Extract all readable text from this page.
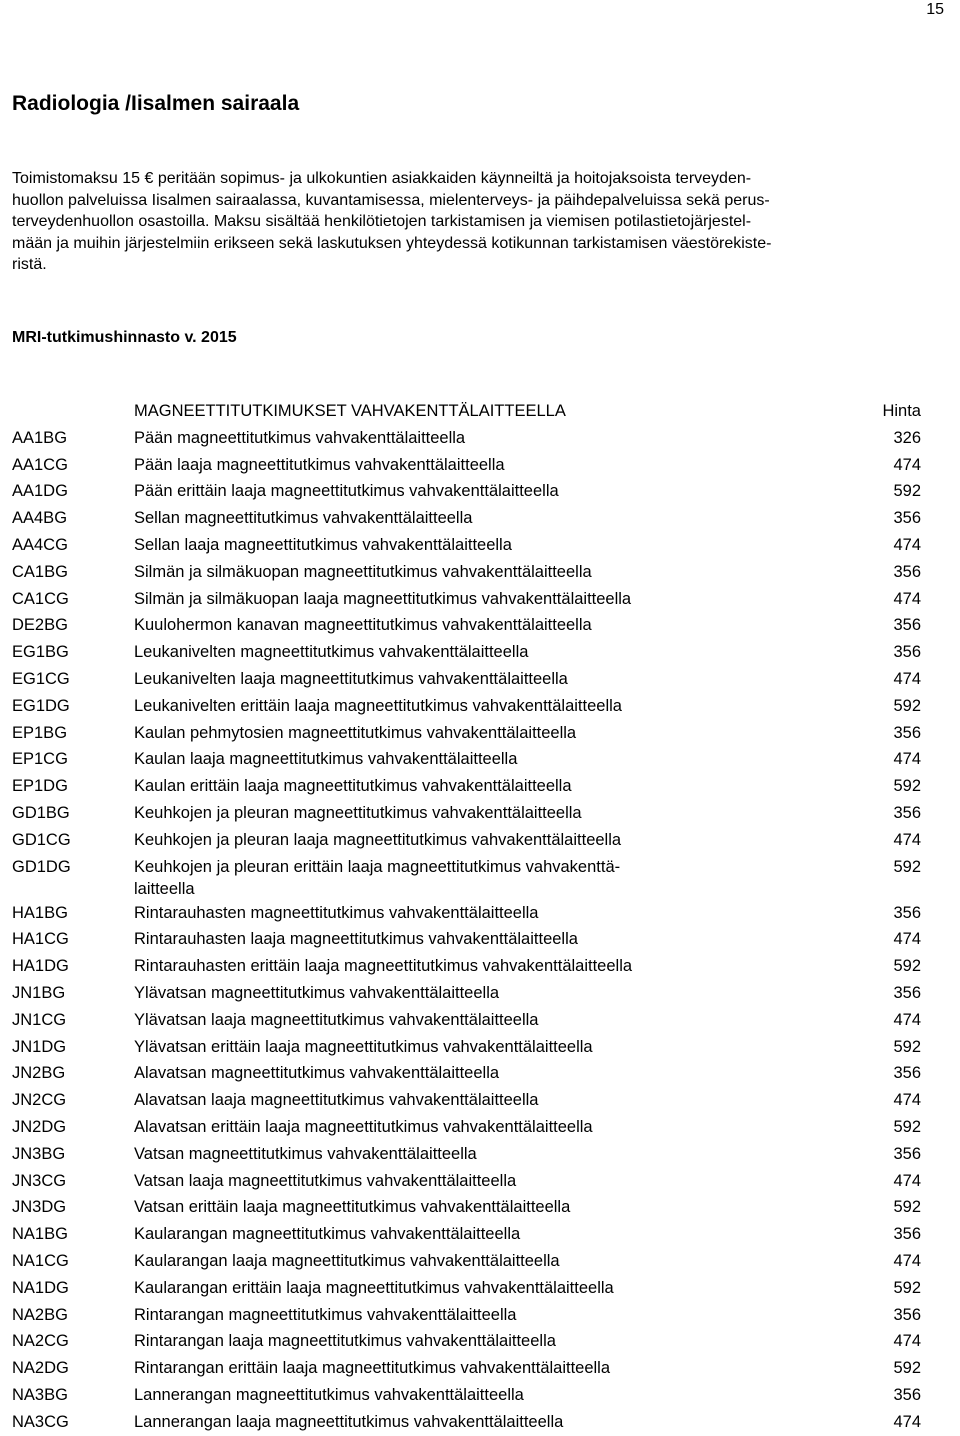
15
Radiologia /Iisalmen sairaala

Toimistomaksu 15 € peritään sopimus- ja ulkokuntien asiakkaiden käynneiltä ja hoitojaksoista terveyden-
huollon palveluissa Iisalmen sairaalassa, kuvantamisessa, mielenterveys- ja päihdepalveluissa sekä perus-
terveydenhuollon osastoilla. Maksu sisältää henkilötietojen tarkistamisen ja viemisen potilastietojärjestel-
mään ja muihin järjestelmiin erikseen sekä laskutuksen yhteydessä kotikunnan tarkistamisen väestörekiste-
ristä.

MRI-tutkimushinnasto v. 2015
	MAGNEETTITUTKIMUKSET VAHVAKENTTÄLAITTEELLA	Hinta
AA1BG	Pään magneettitutkimus vahvakenttälaitteella	326
AA1CG	Pään laaja magneettitutkimus vahvakenttälaitteella	474
AA1DG	Pään erittäin laaja magneettitutkimus vahvakenttälaitteella	592
AA4BG	Sellan magneettitutkimus vahvakenttälaitteella	356
AA4CG	Sellan laaja magneettitutkimus vahvakenttälaitteella	474
CA1BG	Silmän ja silmäkuopan magneettitutkimus vahvakenttälaitteella	356
CA1CG	Silmän ja silmäkuopan laaja magneettitutkimus vahvakenttälaitteella	474
DE2BG	Kuulohermon kanavan magneettitutkimus vahvakenttälaitteella	356
EG1BG	Leukanivelten magneettitutkimus vahvakenttälaitteella	356
EG1CG	Leukanivelten laaja magneettitutkimus vahvakenttälaitteella	474
EG1DG	Leukanivelten erittäin laaja magneettitutkimus vahvakenttälaitteella	592
EP1BG	Kaulan pehmytosien magneettitutkimus vahvakenttälaitteella	356
EP1CG	Kaulan laaja magneettitutkimus vahvakenttälaitteella	474
EP1DG	Kaulan erittäin laaja magneettitutkimus vahvakenttälaitteella	592
GD1BG	Keuhkojen ja pleuran magneettitutkimus vahvakenttälaitteella	356
GD1CG	Keuhkojen ja pleuran laaja magneettitutkimus vahvakenttälaitteella	474
GD1DG	Keuhkojen ja pleuran erittäin laaja magneettitutkimus vahvakenttä-
laitteella	592
HA1BG	Rintarauhasten magneettitutkimus vahvakenttälaitteella	356
HA1CG	Rintarauhasten laaja magneettitutkimus vahvakenttälaitteella	474
HA1DG	Rintarauhasten erittäin laaja magneettitutkimus vahvakenttälaitteella	592
JN1BG	Ylävatsan magneettitutkimus vahvakenttälaitteella	356
JN1CG	Ylävatsan laaja magneettitutkimus vahvakenttälaitteella	474
JN1DG	Ylävatsan erittäin laaja magneettitutkimus vahvakenttälaitteella	592
JN2BG	Alavatsan magneettitutkimus vahvakenttälaitteella	356
JN2CG	Alavatsan laaja magneettitutkimus vahvakenttälaitteella	474
JN2DG	Alavatsan erittäin laaja magneettitutkimus vahvakenttälaitteella	592
JN3BG	Vatsan magneettitutkimus vahvakenttälaitteella	356
JN3CG	Vatsan laaja magneettitutkimus vahvakenttälaitteella	474
JN3DG	Vatsan erittäin laaja magneettitutkimus vahvakenttälaitteella	592
NA1BG	Kaularangan magneettitutkimus vahvakenttälaitteella	356
NA1CG	Kaularangan laaja magneettitutkimus vahvakenttälaitteella	474
NA1DG	Kaularangan erittäin laaja magneettitutkimus vahvakenttälaitteella	592
NA2BG	Rintarangan magneettitutkimus vahvakenttälaitteella	356
NA2CG	Rintarangan laaja magneettitutkimus vahvakenttälaitteella	474
NA2DG	Rintarangan erittäin laaja magneettitutkimus vahvakenttälaitteella	592
NA3BG	Lannerangan magneettitutkimus vahvakenttälaitteella	356
NA3CG	Lannerangan laaja magneettitutkimus vahvakenttälaitteella	474
